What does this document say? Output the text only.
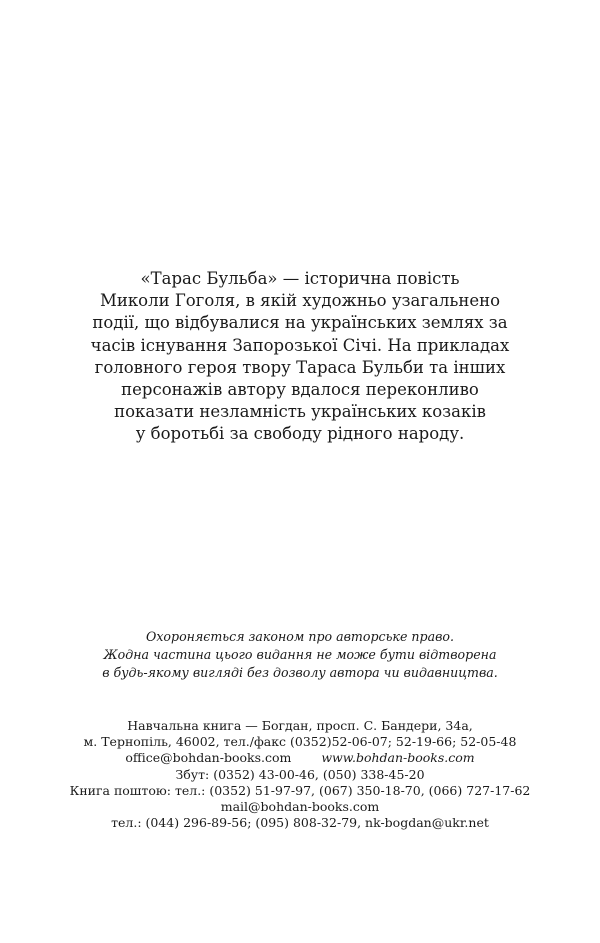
«Тарас Бульба» — історична повість
Миколи Гоголя, в якій художньо узагальнено
події, що відбувалися на українських землях за
часів існування Запорозької Січі. На прикладах
головного героя твору Тараса Бульби та інших
персонажів автору вдалося переконливо
показати незламність українських козаків
у боротьбі за свободу рідного народу.
Охороняється законом про авторське право.
Жодна частина цього видання не може бути відтворена
в будь-якому вигляді без дозволу автора чи видавництва.
Навчальна книга — Богдан, просп. С. Бандери, 34а,
м. Тернопіль, 46002, тел./факс (0352)52-06-07; 52-19-66; 52-05-48
office@bohdan-books.com www.bohdan-books.com
Збут: (0352) 43-00-46, (050) 338-45-20
Книга поштою: тел.: (0352) 51-97-97, (067) 350-18-70, (066) 727-17-62
mail@bohdan-books.com
тел.: (044) 296-89-56; (095) 808-32-79, nk-bogdan@ukr.net
